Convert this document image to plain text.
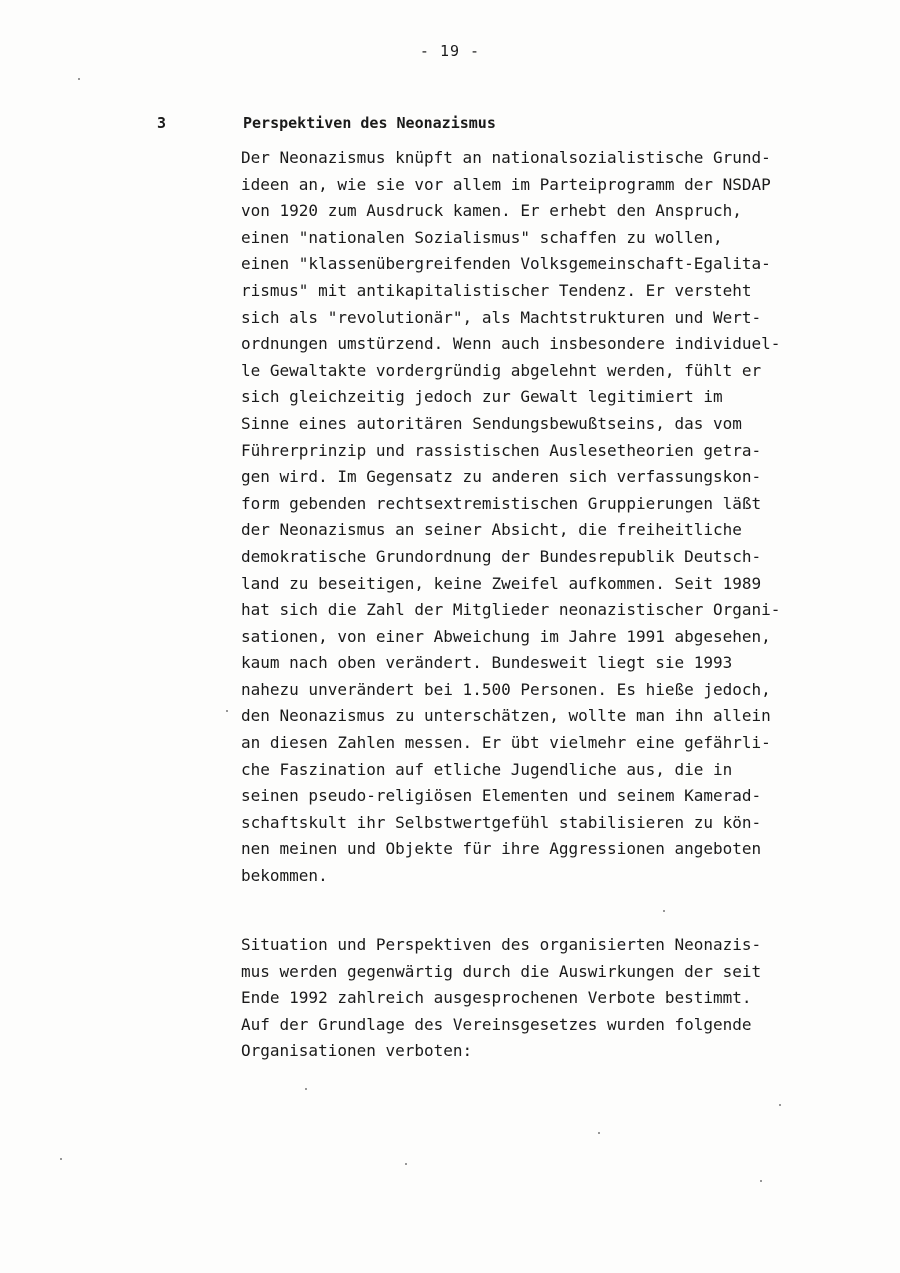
- 19 -
3	Perspektiven des Neonazismus

Der Neonazismus knüpft an nationalsozialistische Grund-
ideen an, wie sie vor allem im Parteiprogramm der NSDAP
von 1920 zum Ausdruck kamen. Er erhebt den Anspruch,
einen "nationalen Sozialismus" schaffen zu wollen,
einen "klassenübergreifenden Volksgemeinschaft-Egalita-
rismus" mit antikapitalistischer Tendenz. Er versteht
sich als "revolutionär", als Machtstrukturen und Wert-
ordnungen umstürzend. Wenn auch insbesondere individuel-
le Gewaltakte vordergründig abgelehnt werden, fühlt er
sich gleichzeitig jedoch zur Gewalt legitimiert im
Sinne eines autoritären Sendungsbewußtseins, das vom
Führerprinzip und rassistischen Auslesetheorien getra-
gen wird. Im Gegensatz zu anderen sich verfassungskon-
form gebenden rechtsextremistischen Gruppierungen läßt
der Neonazismus an seiner Absicht, die freiheitliche
demokratische Grundordnung der Bundesrepublik Deutsch-
land zu beseitigen, keine Zweifel aufkommen. Seit 1989
hat sich die Zahl der Mitglieder neonazistischer Organi-
sationen, von einer Abweichung im Jahre 1991 abgesehen,
kaum nach oben verändert. Bundesweit liegt sie 1993
nahezu unverändert bei 1.500 Personen. Es hieße jedoch,
den Neonazismus zu unterschätzen, wollte man ihn allein
an diesen Zahlen messen. Er übt vielmehr eine gefährli-
che Faszination auf etliche Jugendliche aus, die in
seinen pseudo-religiösen Elementen und seinem Kamerad-
schaftskult ihr Selbstwertgefühl stabilisieren zu kön-
nen meinen und Objekte für ihre Aggressionen angeboten
bekommen.

Situation und Perspektiven des organisierten Neonazis-
mus werden gegenwärtig durch die Auswirkungen der seit
Ende 1992 zahlreich ausgesprochenen Verbote bestimmt.
Auf der Grundlage des Vereinsgesetzes wurden folgende
Organisationen verboten:
